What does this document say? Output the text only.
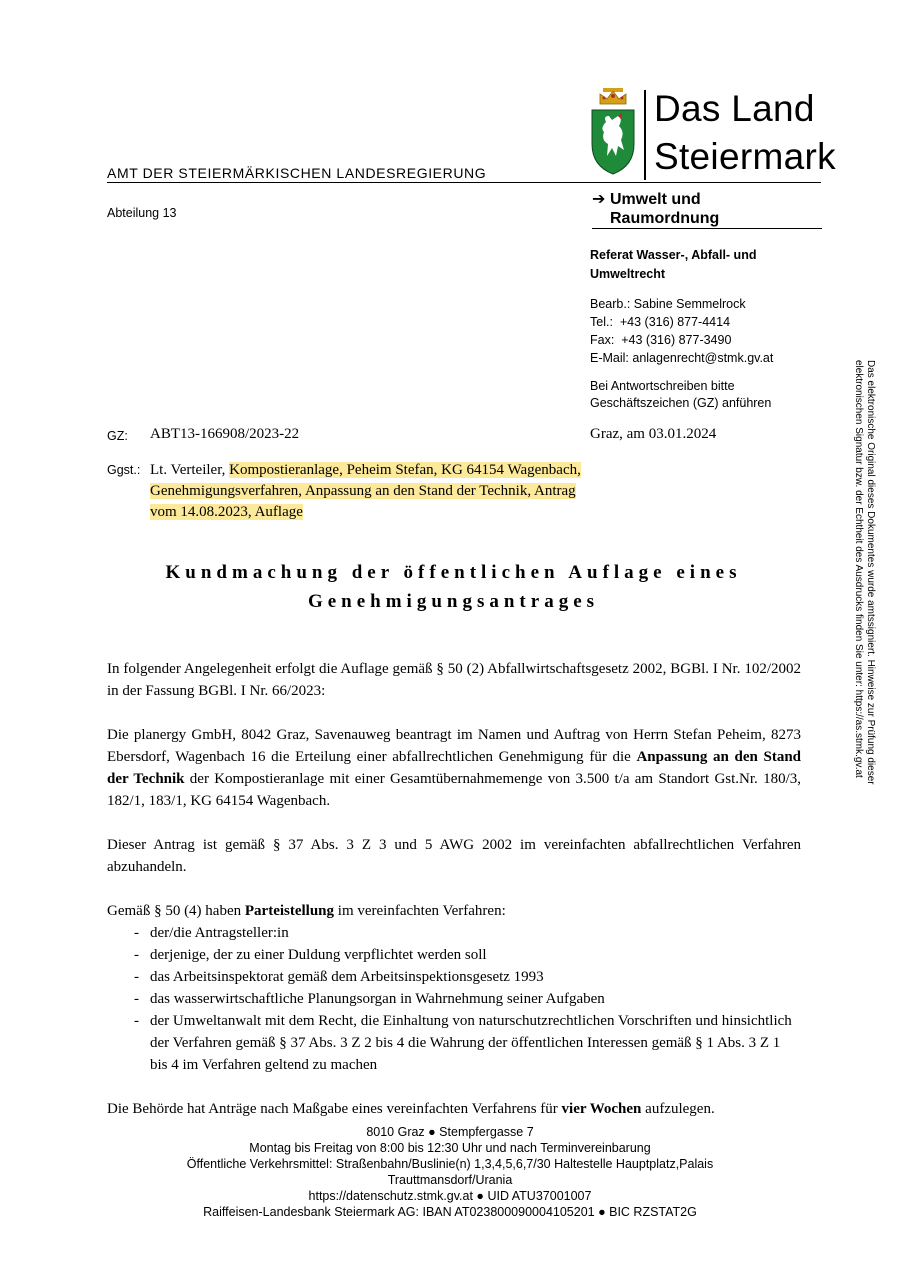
AMT DER STEIERMÄRKISCHEN LANDESREGIERUNG
Abteilung 13
Das Land
Steiermark
➔ Umwelt und
Raumordnung
Referat Wasser-, Abfall- und Umweltrecht
Bearb.: Sabine Semmelrock
Tel.:  +43 (316) 877-4414
Fax:  +43 (316) 877-3490
E-Mail: anlagenrecht@stmk.gv.at
Bei Antwortschreiben bitte
Geschäftszeichen (GZ) anführen
GZ: ABT13-166908/2023-22	Graz, am 03.01.2024
Ggst.: Lt. Verteiler, Kompostieranlage, Peheim Stefan, KG 64154 Wagenbach, Genehmigungsverfahren, Anpassung an den Stand der Technik, Antrag vom 14.08.2023, Auflage
Kundmachung der öffentlichen Auflage eines
Genehmigungsantrages

In folgender Angelegenheit erfolgt die Auflage gemäß § 50 (2) Abfallwirtschaftsgesetz 2002, BGBl. I Nr. 102/2002 in der Fassung BGBl. I Nr. 66/2023:

Die planergy GmbH, 8042 Graz, Savenauweg beantragt im Namen und Auftrag von Herrn Stefan Peheim, 8273 Ebersdorf, Wagenbach 16 die Erteilung einer abfallrechtlichen Genehmigung für die Anpassung an den Stand der Technik der Kompostieranlage mit einer Gesamtübernahmemenge von 3.500 t/a am Standort Gst.Nr. 180/3, 182/1, 183/1, KG 64154 Wagenbach.

Dieser Antrag ist gemäß § 37 Abs. 3 Z 3 und 5 AWG 2002 im vereinfachten abfallrechtlichen Verfahren abzuhandeln.

Gemäß § 50 (4) haben Parteistellung im vereinfachten Verfahren:
- der/die Antragsteller:in
- derjenige, der zu einer Duldung verpflichtet werden soll
- das Arbeitsinspektorat gemäß dem Arbeitsinspektionsgesetz 1993
- das wasserwirtschaftliche Planungsorgan in Wahrnehmung seiner Aufgaben
- der Umweltanwalt mit dem Recht, die Einhaltung von naturschutzrechtlichen Vorschriften und hinsichtlich der Verfahren gemäß § 37 Abs. 3 Z 2 bis 4 die Wahrung der öffentlichen Interessen gemäß § 1 Abs. 3 Z 1 bis 4 im Verfahren geltend zu machen
Die Behörde hat Anträge nach Maßgabe eines vereinfachten Verfahrens für vier Wochen aufzulegen.
Das elektronische Original dieses Dokumentes wurde amtssigniert. Hinweise zur Prüfung dieser
elektronischen Signatur bzw. der Echtheit des Ausdrucks finden Sie unter: https://as.stmk.gv.at
8010 Graz ● Stempfergasse 7
Montag bis Freitag von 8:00 bis 12:30 Uhr und nach Terminvereinbarung
Öffentliche Verkehrsmittel: Straßenbahn/Buslinie(n) 1,3,4,5,6,7/30 Haltestelle Hauptplatz,Palais
Trauttmansdorf/Urania
https://datenschutz.stmk.gv.at ● UID ATU37001007
Raiffeisen-Landesbank Steiermark AG: IBAN AT023800090004105201 ● BIC RZSTAT2G
